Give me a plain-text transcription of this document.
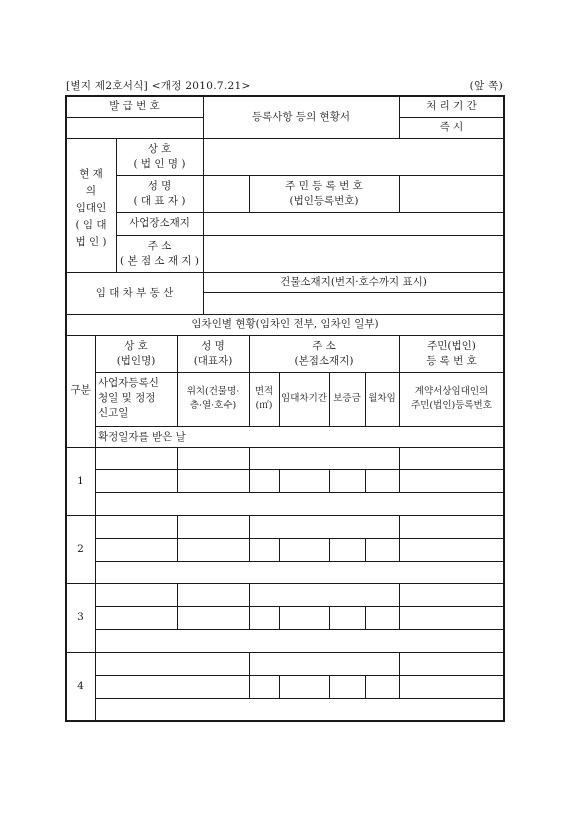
[별지 제2호서식] <개정 2010.7.21>	(앞 쪽)
발 급 번 호
등록사항 등의 현황서
처 리 기 간
즉 시
현 재
의
임대인
( 임 대
법 인 )
상 호
( 법 인 명 )
성 명
( 대 표 자 )
주 민 등 록 번 호
(법인등록번호)
사업장소재지
주 소
( 본 점 소 재 지 )
임 대 차 부 동 산
건물소재지(번지·호수까지 표시)
임차인별 현황(임차인 전부, 임차인 일부)
구분
상 호
(법인명)
성 명
(대표자)
주 소
(본점소재지)
주민(법인)
등 록 번 호
사업자등록신
청일 및 정정
신고일
위치(건물명·
층·열·호수)
면적
(㎡)
임대차기간 보증금 월차임
계약서상임대인의
주민(법인)등록번호
확정일자를 받은 날
1
2
3
4
